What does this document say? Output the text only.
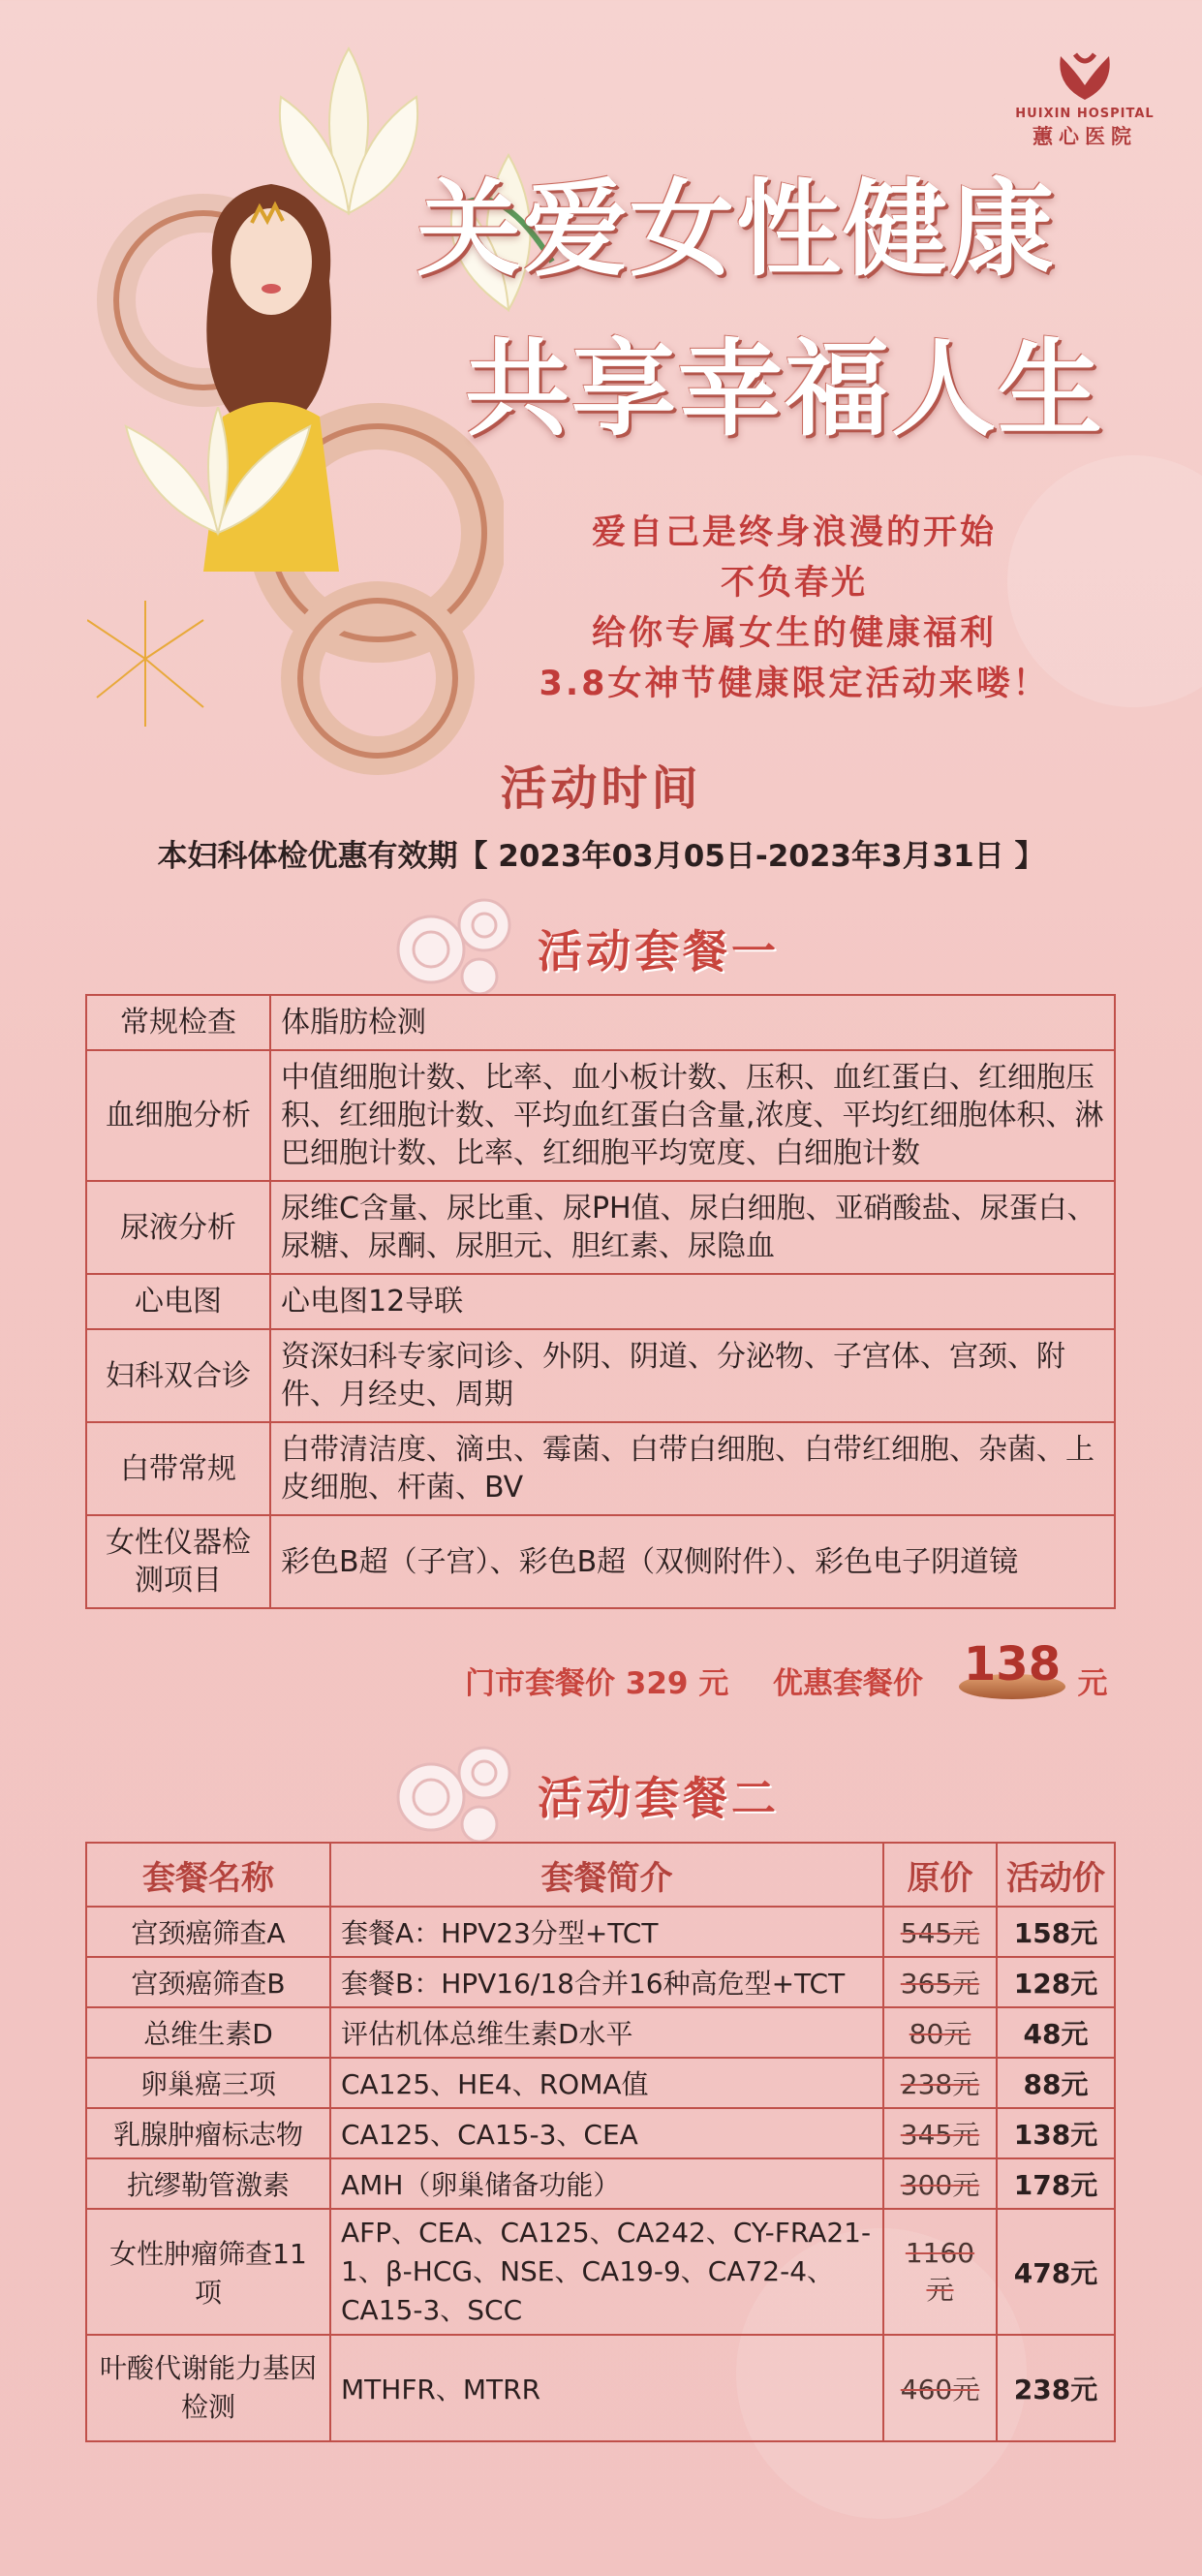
HUIXIN HOSPITAL
蕙心医院
关爱女性健康
共享幸福人生
爱自己是终身浪漫的开始
不负春光
给你专属女生的健康福利
3.8女神节健康限定活动来喽！
活动时间
本妇科体检优惠有效期【 2023年03月05日-2023年3月31日 】
活动套餐一
常规检查	体脂肪检测
血细胞分析	中值细胞计数、比率、血小板计数、压积、血红蛋白、红细胞压积、红细胞计数、平均血红蛋白含量,浓度、平均红细胞体积、淋巴细胞计数、比率、红细胞平均宽度、白细胞计数
尿液分析	尿维C含量、尿比重、尿PH值、尿白细胞、亚硝酸盐、尿蛋白、尿糖、尿酮、尿胆元、胆红素、尿隐血
心电图	心电图12导联
妇科双合诊	资深妇科专家问诊、外阴、阴道、分泌物、子宫体、宫颈、附件、月经史、周期
白带常规	白带清洁度、滴虫、霉菌、白带白细胞、白带红细胞、杂菌、上皮细胞、杆菌、BV
女性仪器检测项目	彩色B超（子宫）、彩色B超（双侧附件）、彩色电子阴道镜
门市套餐价 329 元 优惠套餐价	元
138
活动套餐二
套餐名称	套餐简介	原价	活动价
宫颈癌筛查A	套餐A：HPV23分型+TCT	545元	158元
宫颈癌筛查B	套餐B：HPV16/18合并16种高危型+TCT	365元	128元
总维生素D	评估机体总维生素D水平	80元	48元
卵巢癌三项	CA125、HE4、ROMA值	238元	88元
乳腺肿瘤标志物	CA125、CA15-3、CEA	345元	138元
抗缪勒管激素	AMH（卵巢储备功能）	300元	178元
女性肿瘤筛查11项	AFP、CEA、CA125、CA242、CY-FRA21-1、β-HCG、NSE、CA19-9、CA72-4、CA15-3、SCC	1160元	478元
叶酸代谢能力基因检测	MTHFR、MTRR	460元	238元
